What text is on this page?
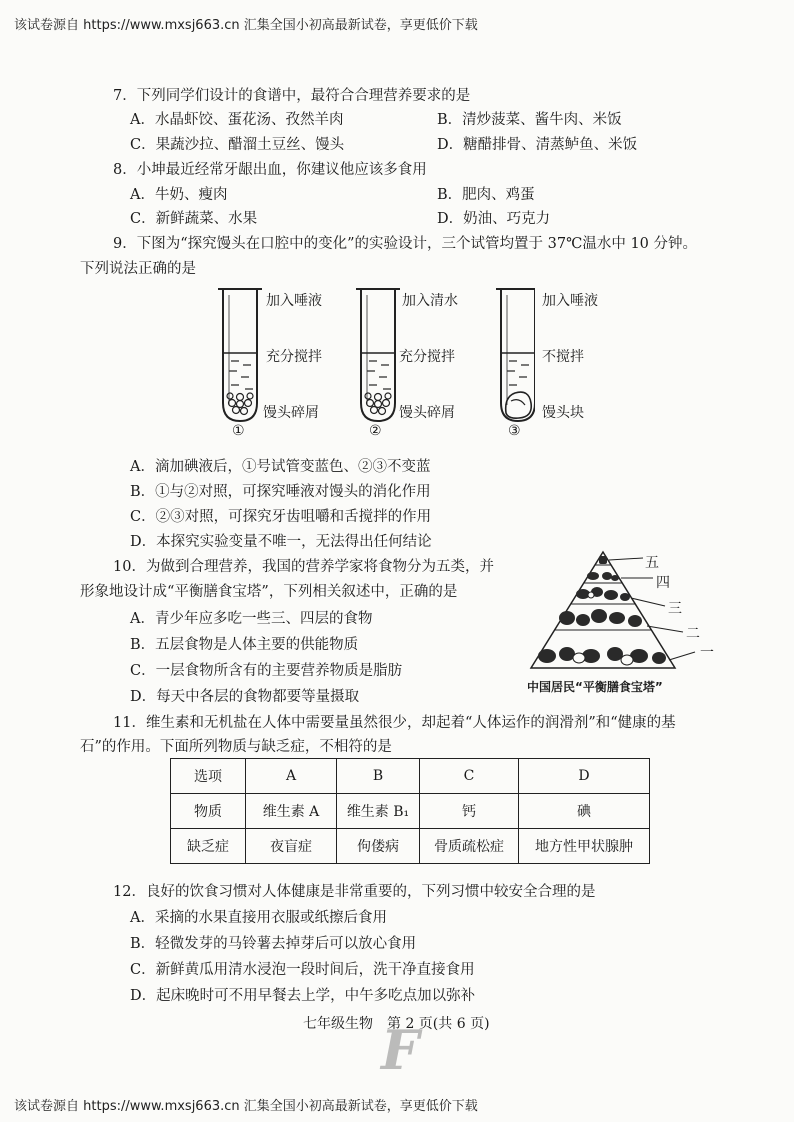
该试卷源自 https://www.mxsj663.cn 汇集全国小初高最新试卷，享更低价下载
7．下列同学们设计的食谱中，最符合合理营养要求的是
A．水晶虾饺、蛋花汤、孜然羊肉	B．清炒菠菜、酱牛肉、米饭
C．果蔬沙拉、醋溜土豆丝、馒头	D．糖醋排骨、清蒸鲈鱼、米饭
8．小坤最近经常牙龈出血，你建议他应该多食用
A．牛奶、瘦肉	B．肥肉、鸡蛋
C．新鲜蔬菜、水果	D．奶油、巧克力
9．下图为“探究馒头在口腔中的变化”的实验设计，三个试管均置于 37℃温水中 10 分钟。
下列说法正确的是
加入唾液
充分搅拌
馒头碎屑
①
加入清水
充分搅拌
馒头碎屑
②
加入唾液
不搅拌
馒头块
③
A．滴加碘液后，①号试管变蓝色、②③不变蓝
B．①与②对照，可探究唾液对馒头的消化作用
C．②③对照，可探究牙齿咀嚼和舌搅拌的作用
D．本探究实验变量不唯一，无法得出任何结论
10．为做到合理营养，我国的营养学家将食物分为五类，并
形象地设计成“平衡膳食宝塔”，下列相关叙述中，正确的是
A．青少年应多吃一些三、四层的食物
B．五层食物是人体主要的供能物质
C．一层食物所含有的主要营养物质是脂肪
D．每天中各层的食物都要等量摄取
五
四
三
二
一
中国居民“平衡膳食宝塔”
11．维生素和无机盐在人体中需要量虽然很少，却起着“人体运作的润滑剂”和“健康的基
石”的作用。下面所列物质与缺乏症，不相符的是
选项	A	B	C	D
物质	维生素 A	维生素 B₁	钙	碘
缺乏症	夜盲症	佝偻病	骨质疏松症	地方性甲状腺肿
12．良好的饮食习惯对人体健康是非常重要的，下列习惯中较安全合理的是
A．采摘的水果直接用衣服或纸擦后食用
B．轻微发芽的马铃薯去掉芽后可以放心食用
C．新鲜黄瓜用清水浸泡一段时间后，洗干净直接食用
D．起床晚时可不用早餐去上学，中午多吃点加以弥补
七年级生物　第 2 页(共 6 页)
F
该试卷源自 https://www.mxsj663.cn 汇集全国小初高最新试卷，享更低价下载
